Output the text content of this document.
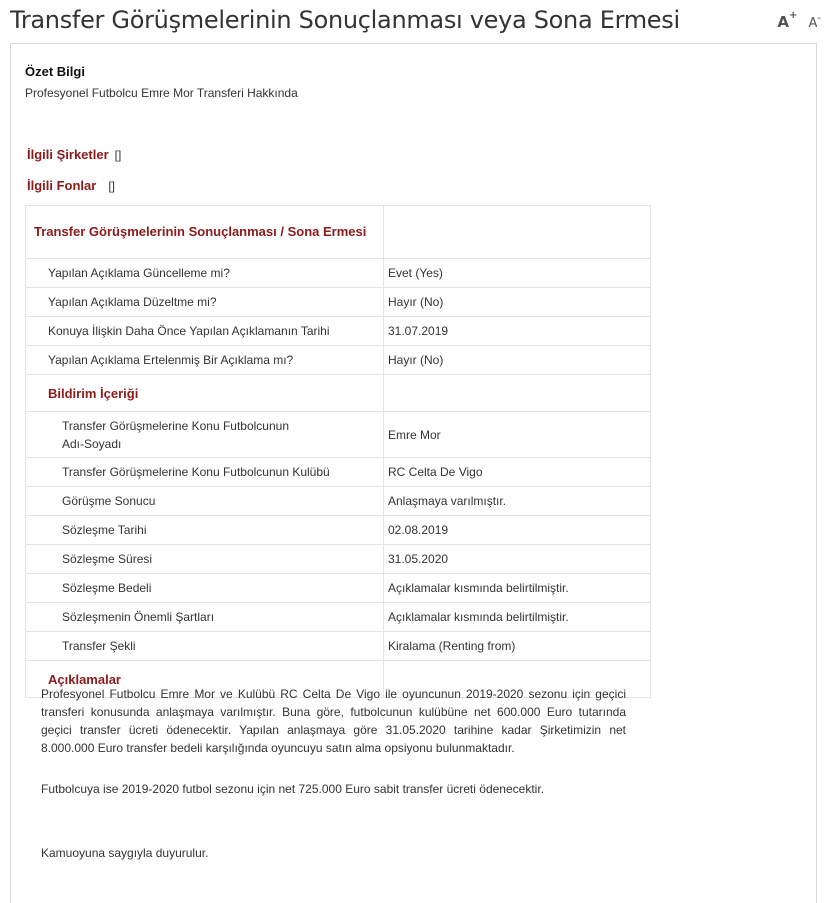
Transfer Görüşmelerinin Sonuçlanması veya Sona Ermesi	A+ A-
Özet Bilgi
Profesyonel Futbolcu Emre Mor Transferi Hakkında
İlgili Şirketler []
İlgili Fonlar []
Transfer Görüşmelerinin Sonuçlanması / Sona Ermesi	
Yapılan Açıklama Güncelleme mi?	Evet (Yes)
Yapılan Açıklama Düzeltme mi?	Hayır (No)
Konuya İlişkin Daha Önce Yapılan Açıklamanın Tarihi	31.07.2019
Yapılan Açıklama Ertelenmiş Bir Açıklama mı?	Hayır (No)
Bildirim İçeriği	
Transfer Görüşmelerine Konu Futbolcunun Adı-Soyadı	Emre Mor
Transfer Görüşmelerine Konu Futbolcunun Kulübü	RC Celta De Vigo
Görüşme Sonucu	Anlaşmaya varılmıştır.
Sözleşme Tarihi	02.08.2019
Sözleşme Süresi	31.05.2020
Sözleşme Bedeli	Açıklamalar kısmında belirtilmiştir.
Sözleşmenin Önemli Şartları	Açıklamalar kısmında belirtilmiştir.
Transfer Şekli	Kiralama (Renting from)
Açıklamalar	
Profesyonel Futbolcu Emre Mor ve Kulübü RC Celta De Vigo ile oyuncunun 2019-2020 sezonu için geçici transferi konusunda anlaşmaya varılmıştır. Buna göre, futbolcunun kulübüne net 600.000 Euro tutarında geçici transfer ücreti ödenecektir. Yapılan anlaşmaya göre 31.05.2020 tarihine kadar Şirketimizin net 8.000.000 Euro transfer bedeli karşılığında oyuncuyu satın alma opsiyonu bulunmaktadır.
Futbolcuya ise 2019-2020 futbol sezonu için net 725.000 Euro sabit transfer ücreti ödenecektir.
Kamuoyuna saygıyla duyurulur.
